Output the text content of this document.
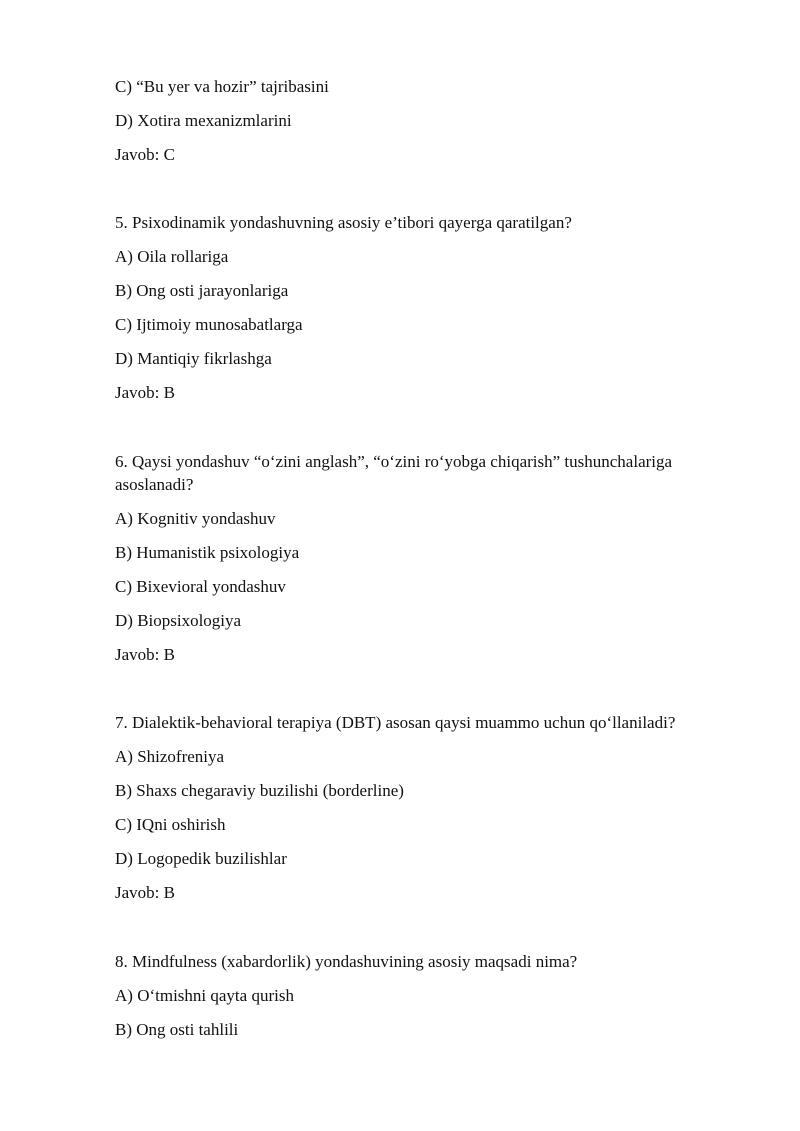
C) “Bu yer va hozir” tajribasini
D) Xotira mexanizmlarini
Javob: C
5. Psixodinamik yondashuvning asosiy e’tibori qayerga qaratilgan?
A) Oila rollariga
B) Ong osti jarayonlariga
C) Ijtimoiy munosabatlarga
D) Mantiqiy fikrlashga
Javob: B
6. Qaysi yondashuv “o‘zini anglash”, “o‘zini ro‘yobga chiqarish” tushunchalariga
asoslanadi?
A) Kognitiv yondashuv
B) Humanistik psixologiya
C) Bixevioral yondashuv
D) Biopsixologiya
Javob: B
7. Dialektik-behavioral terapiya (DBT) asosan qaysi muammo uchun qo‘llaniladi?
A) Shizofreniya
B) Shaxs chegaraviy buzilishi (borderline)
C) IQni oshirish
D) Logopedik buzilishlar
Javob: B
8. Mindfulness (xabardorlik) yondashuvining asosiy maqsadi nima?
A) O‘tmishni qayta qurish
B) Ong osti tahlili
